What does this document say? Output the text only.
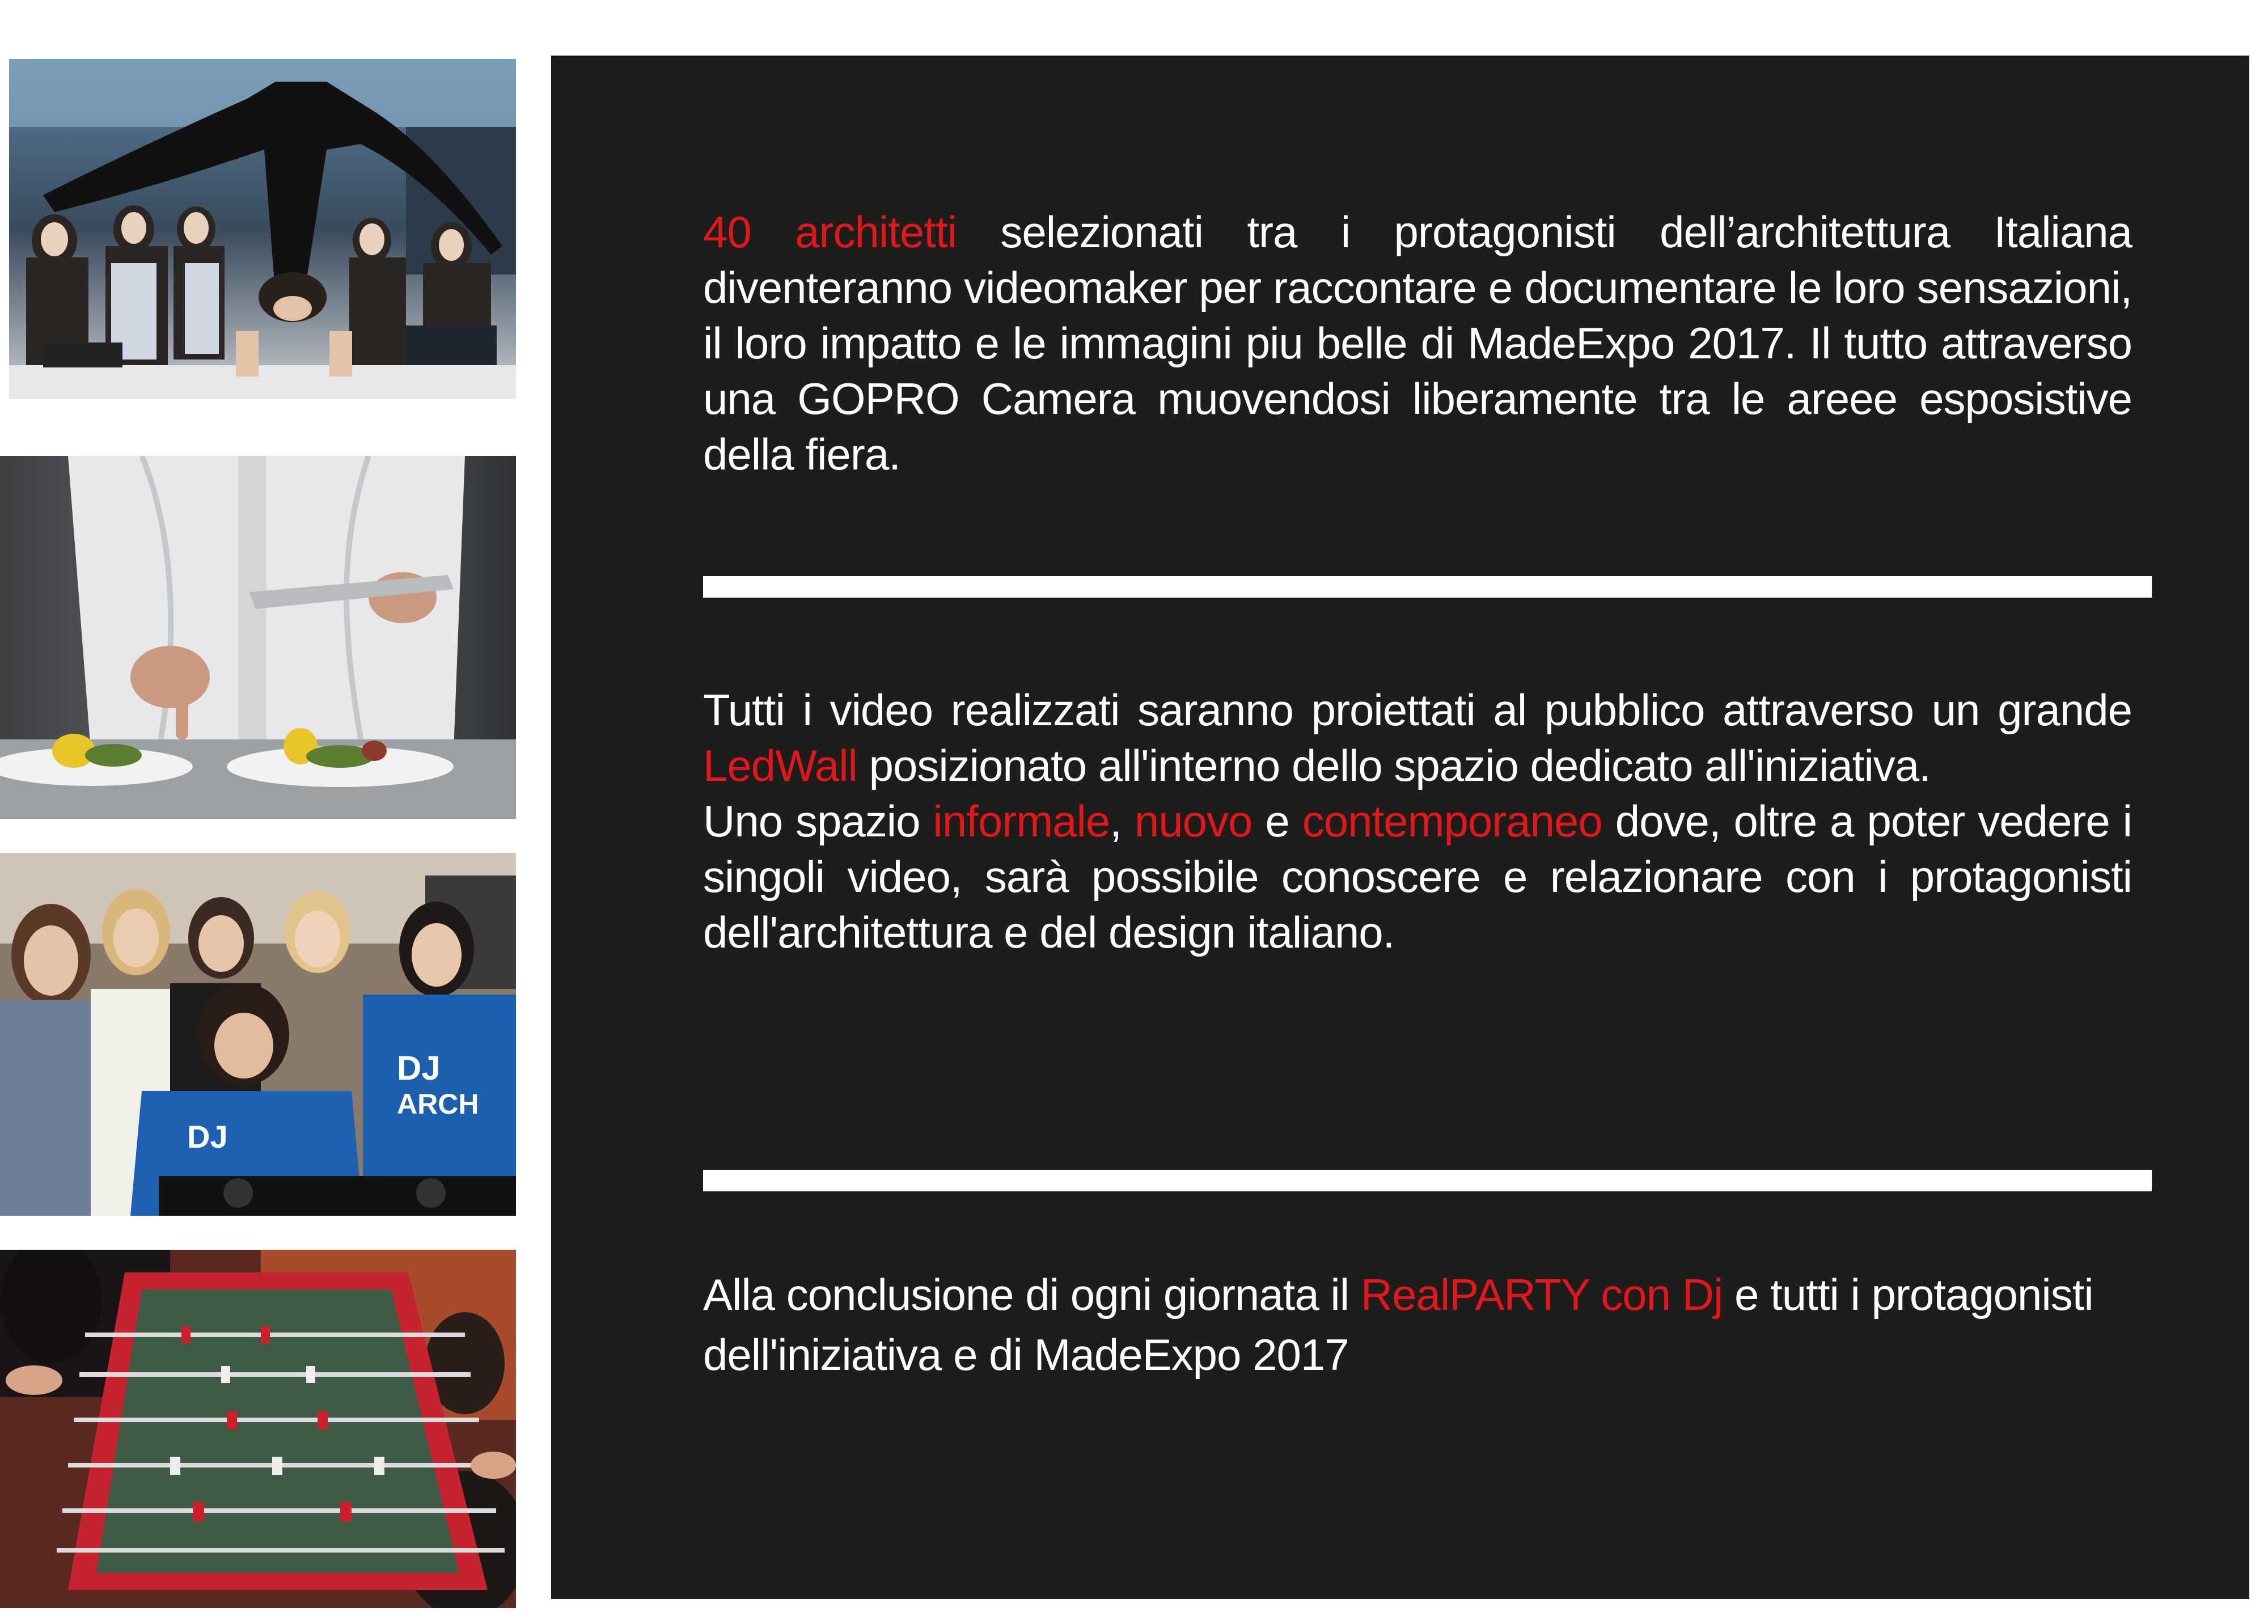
DJ
DJ
ARCH

40 architetti selezionati tra i protagonisti dell’architettura Italiana diventeranno videomaker per raccontare e documentare le loro sensazioni, il loro impatto e le immagini piu belle di MadeExpo 2017. Il tutto attraverso una GOPRO Camera muovendosi liberamente tra le areee esposistive della fiera.

Tutti i video realizzati saranno proiettati al pubblico attraverso un grande LedWall posizionato all'interno dello spazio dedicato all'iniziativa.
Uno spazio informale, nuovo e contemporaneo dove, oltre a poter vedere i singoli video, sarà possibile conoscere e relazionare con i protagonisti dell'architettura e del design italiano.

Alla conclusione di ogni giornata il RealPARTY con Dj e tutti i protagonisti dell'iniziativa e di MadeExpo 2017
